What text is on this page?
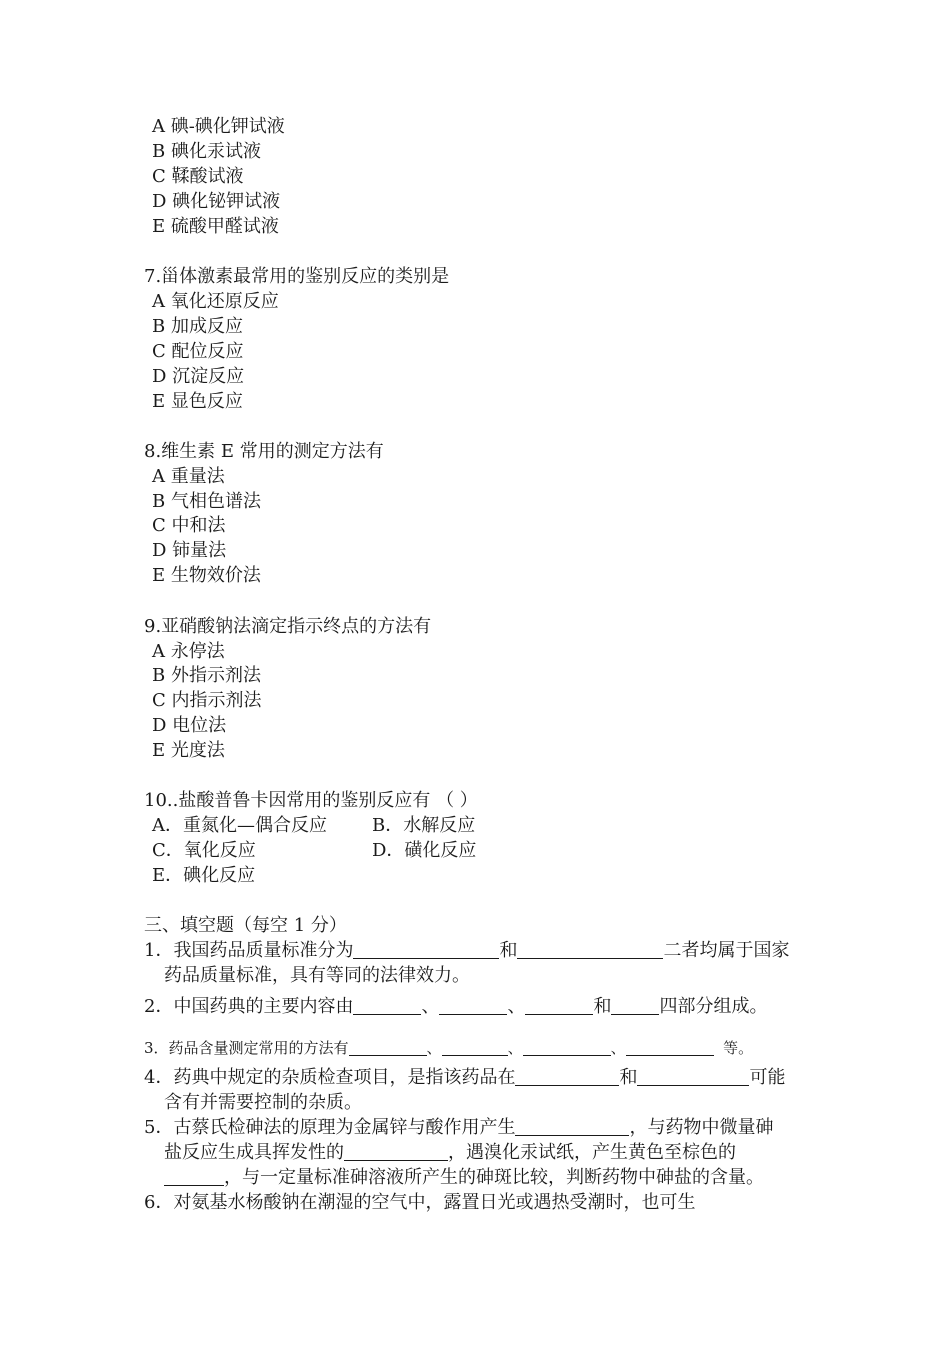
A 碘-碘化钾试液
B 碘化汞试液
C 鞣酸试液
D 碘化铋钾试液
E 硫酸甲醛试液
7.甾体激素最常用的鉴别反应的类别是
A 氧化还原反应
B 加成反应
C 配位反应
D 沉淀反应
E 显色反应
8.维生素 E 常用的测定方法有
A 重量法
B 气相色谱法
C 中和法
D 铈量法
E 生物效价法
9.亚硝酸钠法滴定指示终点的方法有
A 永停法
B 外指示剂法
C 内指示剂法
D 电位法
E 光度法
10..盐酸普鲁卡因常用的鉴别反应有 （ ）
A．重氮化—偶合反应	B．水解反应
C．氧化反应	D．磺化反应
E．碘化反应
三、填空题（每空 1 分）
1．我国药品质量标准分为	和	二者均属于国家
药品质量标准，具有等同的法律效力。
2．中国药典的主要内容由	、	、	和	四部分组成。
3．药品含量测定常用的方法有	、	、	、	等。
4．药典中规定的杂质检查项目，是指该药品在	和	可能
含有并需要控制的杂质。
5．古蔡氏检砷法的原理为金属锌与酸作用产生	，与药物中微量砷
盐反应生成具挥发性的	，遇溴化汞试纸，产生黄色至棕色的
，与一定量标准砷溶液所产生的砷斑比较，判断药物中砷盐的含量。
6．对氨基水杨酸钠在潮湿的空气中，露置日光或遇热受潮时，也可生
